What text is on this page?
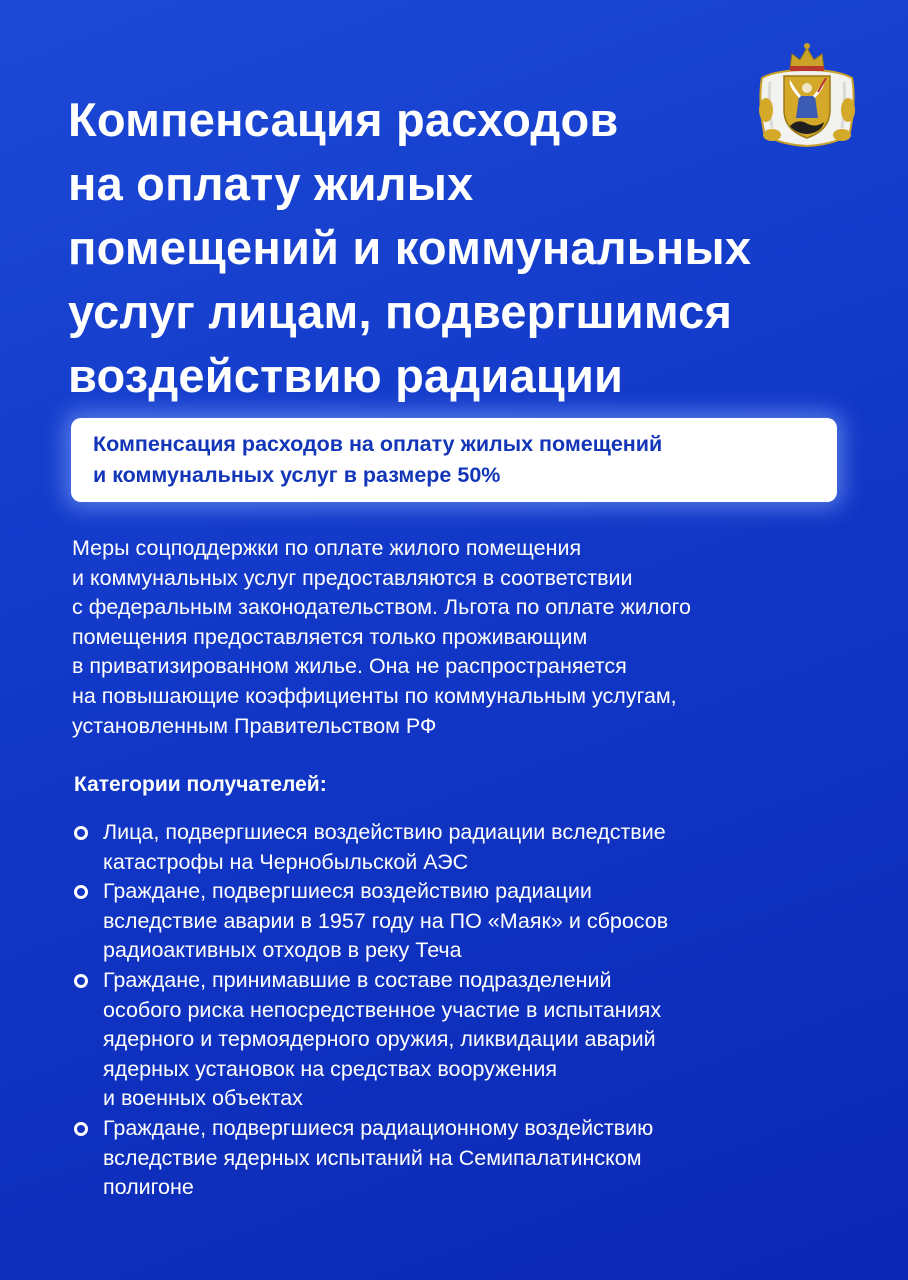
Компенсация расходов
на оплату жилых
помещений и коммунальных
услуг лицам, подвергшимся
воздействию радиации
Компенсация расходов на оплату жилых помещений
и коммунальных услуг в размере 50%

Меры соцподдержки по оплате жилого помещения
и коммунальных услуг предоставляются в соответствии
с федеральным законодательством. Льгота по оплате жилого
помещения предоставляется только проживающим
в приватизированном жилье. Она не распространяется
на повышающие коэффициенты по коммунальным услугам,
установленным Правительством РФ

Категории получателей:
Лица, подвергшиеся воздействию радиации вследствие
катастрофы на Чернобыльской АЭС
Граждане, подвергшиеся воздействию радиации
вследствие аварии в 1957 году на ПО «Маяк» и сбросов
радиоактивных отходов в реку Теча
Граждане, принимавшие в составе подразделений
особого риска непосредственное участие в испытаниях
ядерного и термоядерного оружия, ликвидации аварий
ядерных установок на средствах вооружения
и военных объектах
Граждане, подвергшиеся радиационному воздействию
вследствие ядерных испытаний на Семипалатинском
полигоне
